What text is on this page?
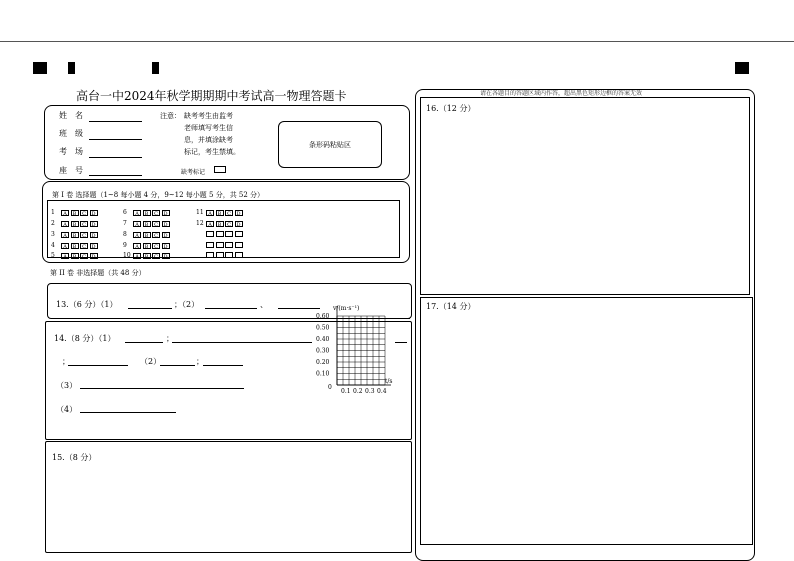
高台一中2024年秋学期期期中考试高一物理答题卡	请在各题目的答题区域内作答，超出黑色矩形边框的答案无效
姓　名
班　级
考　场
座　号
注意： 缺考考生由监考
老师填写考生信
息，并填涂缺考
标记，考生禁填。
缺考标记
条形码粘贴区
第 I 卷 选择题（1~8 每小题 4 分，9~12 每小题 5 分，共 52 分）
1	A	B	C	D
2	A	B	C	D
3	A	B	C	D
4	A	B	C	D
5	A	B	C	D
6	A	B	C	D
7	A	B	C	D
8	A	B	C	D
9	A	B	C	D
10 A	B	C	D
11 A	B	C	D
12 A	B	C	D
第 II 卷 非选择题（共 48 分）
13.（6 分）（1）	；（2）	、
14.（8 分）（1）	；
；	（2）	；
（3）
（4）
v/(m·s⁻¹)
t/s
0.60
0.50
0.40
0.30
0.20
0.10
0
0.1 0.2 0.3 0.4
15.（8 分）
16.（12 分）
17.（14 分）
